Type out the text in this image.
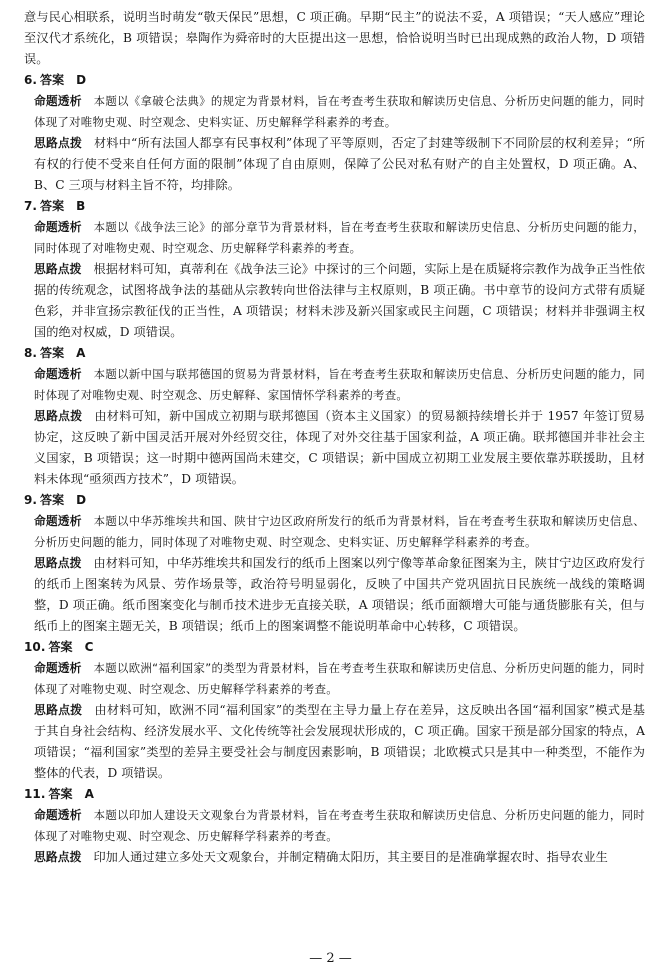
意与民心相联系，说明当时萌发“敬天保民”思想，C 项正确。早期“民主”的说法不妥，A 项错误；“天人感应”理论至汉代才系统化，B 项错误；皋陶作为舜帝时的大臣提出这一思想，恰恰说明当时已出现成熟的政治人物，D 项错误。

6. 答案 D

命题透析 本题以《拿破仑法典》的规定为背景材料，旨在考查考生获取和解读历史信息、分析历史问题的能力，同时体现了对唯物史观、时空观念、史料实证、历史解释学科素养的考查。

思路点拨 材料中“所有法国人都享有民事权利”体现了平等原则，否定了封建等级制下不同阶层的权利差异；“所有权的行使不受来自任何方面的限制”体现了自由原则，保障了公民对私有财产的自主处置权，D 项正确。A、B、C 三项与材料主旨不符，均排除。

7. 答案 B

命题透析 本题以《战争法三论》的部分章节为背景材料，旨在考查考生获取和解读历史信息、分析历史问题的能力，同时体现了对唯物史观、时空观念、历史解释学科素养的考查。

思路点拨 根据材料可知，真蒂利在《战争法三论》中探讨的三个问题，实际上是在质疑将宗教作为战争正当性依据的传统观念，试图将战争法的基础从宗教转向世俗法律与主权原则，B 项正确。书中章节的设问方式带有质疑色彩，并非宣扬宗教征伐的正当性，A 项错误；材料未涉及新兴国家或民主问题，C 项错误；材料并非强调主权国的绝对权威，D 项错误。

8. 答案 A

命题透析 本题以新中国与联邦德国的贸易为背景材料，旨在考查考生获取和解读历史信息、分析历史问题的能力，同时体现了对唯物史观、时空观念、历史解释、家国情怀学科素养的考查。

思路点拨 由材料可知，新中国成立初期与联邦德国（资本主义国家）的贸易额持续增长并于 1957 年签订贸易协定，这反映了新中国灵活开展对外经贸交往，体现了对外交往基于国家利益，A 项正确。联邦德国并非社会主义国家，B 项错误；这一时期中德两国尚未建交，C 项错误；新中国成立初期工业发展主要依靠苏联援助，且材料未体现“亟须西方技术”，D 项错误。

9. 答案 D

命题透析 本题以中华苏维埃共和国、陕甘宁边区政府所发行的纸币为背景材料，旨在考查考生获取和解读历史信息、分析历史问题的能力，同时体现了对唯物史观、时空观念、史料实证、历史解释学科素养的考查。

思路点拨 由材料可知，中华苏维埃共和国发行的纸币上图案以列宁像等革命象征图案为主，陕甘宁边区政府发行的纸币上图案转为风景、劳作场景等，政治符号明显弱化，反映了中国共产党巩固抗日民族统一战线的策略调整，D 项正确。纸币图案变化与制币技术进步无直接关联，A 项错误；纸币面额增大可能与通货膨胀有关，但与纸币上的图案主题无关，B 项错误；纸币上的图案调整不能说明革命中心转移，C 项错误。

10. 答案 C

命题透析 本题以欧洲“福利国家”的类型为背景材料，旨在考查考生获取和解读历史信息、分析历史问题的能力，同时体现了对唯物史观、时空观念、历史解释学科素养的考查。

思路点拨 由材料可知，欧洲不同“福利国家”的类型在主导力量上存在差异，这反映出各国“福利国家”模式是基于其自身社会结构、经济发展水平、文化传统等社会发展现状形成的，C 项正确。国家干预是部分国家的特点，A 项错误；“福利国家”类型的差异主要受社会与制度因素影响，B 项错误；北欧模式只是其中一种类型，不能作为整体的代表，D 项错误。

11. 答案 A

命题透析 本题以印加人建设天文观象台为背景材料，旨在考查考生获取和解读历史信息、分析历史问题的能力，同时体现了对唯物史观、时空观念、历史解释学科素养的考查。

思路点拨 印加人通过建立多处天文观象台，并制定精确太阳历，其主要目的是准确掌握农时、指导农业生

— 2 —
